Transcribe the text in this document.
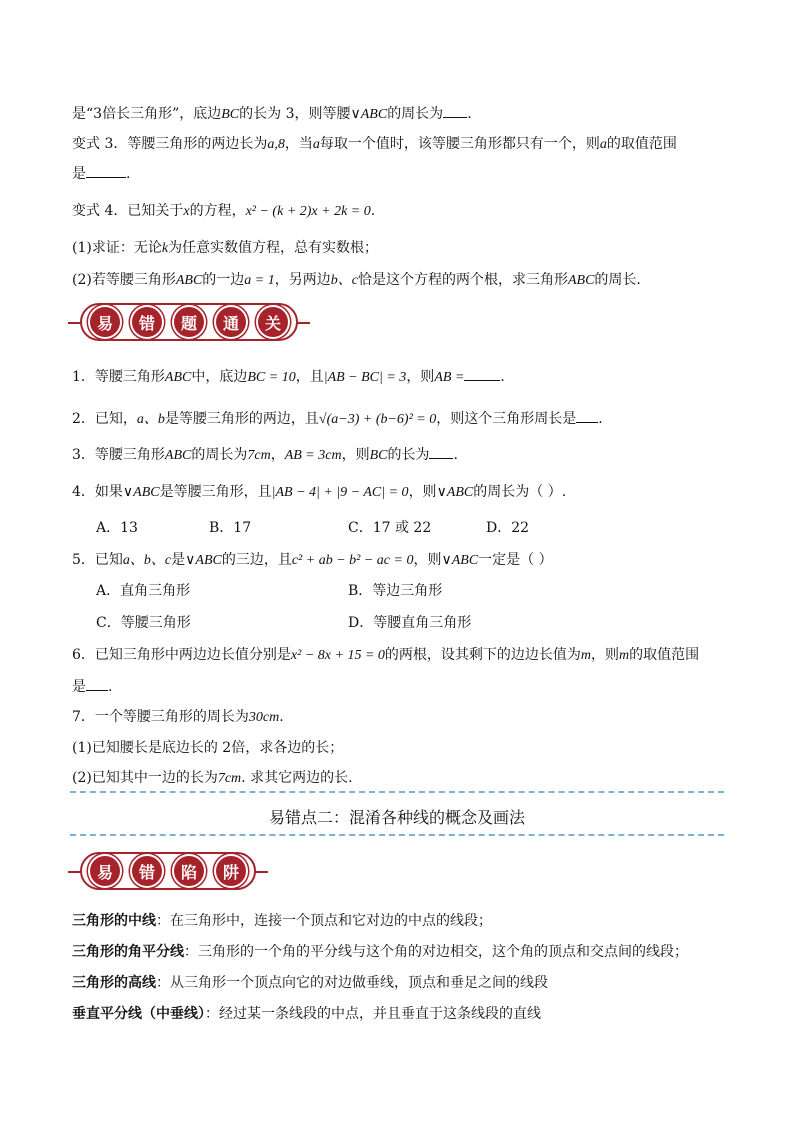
是“3倍长三角形”，底边BC的长为 3，则等腰∨ABC的周长为 .
变式 3．等腰三角形的两边长为a,8，当a每取一个值时，该等腰三角形都只有一个，则a的取值范围
是	.
变式 4．已知关于x的方程，x² − (k + 2)x + 2k = 0.
(1)求证：无论k为任意实数值方程，总有实数根；
(2)若等腰三角形ABC的一边a = 1，另两边b、c恰是这个方程的两个根，求三角形ABC的周长.
易	错	题	通	关
1．等腰三角形ABC中，底边BC = 10，且|AB − BC| = 3，则AB =	.
2．已知，a、b是等腰三角形的两边，且√(a−3) + (b−6)² = 0，则这个三角形周长是 .
3．等腰三角形ABC的周长为7cm，AB = 3cm，则BC的长为 .
4．如果∨ABC是等腰三角形，且|AB − 4| + |9 − AC| = 0，则∨ABC的周长为（ ）.
A．13	B．17	C．17 或 22	D．22
5．已知a、b、c是∨ABC的三边，且c² + ab − b² − ac = 0，则∨ABC一定是（ ）
A．直角三角形	B．等边三角形
C．等腰三角形	D．等腰直角三角形
6．已知三角形中两边边长值分别是x² − 8x + 15 = 0的两根，设其剩下的边边长值为m，则m的取值范围
是 .
7．一个等腰三角形的周长为30cm.
(1)已知腰长是底边长的 2倍，求各边的长；
(2)已知其中一边的长为7cm. 求其它两边的长.
易错点二：混淆各种线的概念及画法
易	错	陷	阱
三角形的中线：在三角形中，连接一个顶点和它对边的中点的线段；
三角形的角平分线：三角形的一个角的平分线与这个角的对边相交，这个角的顶点和交点间的线段；
三角形的高线：从三角形一个顶点向它的对边做垂线，顶点和垂足之间的线段
垂直平分线（中垂线）：经过某一条线段的中点，并且垂直于这条线段的直线
